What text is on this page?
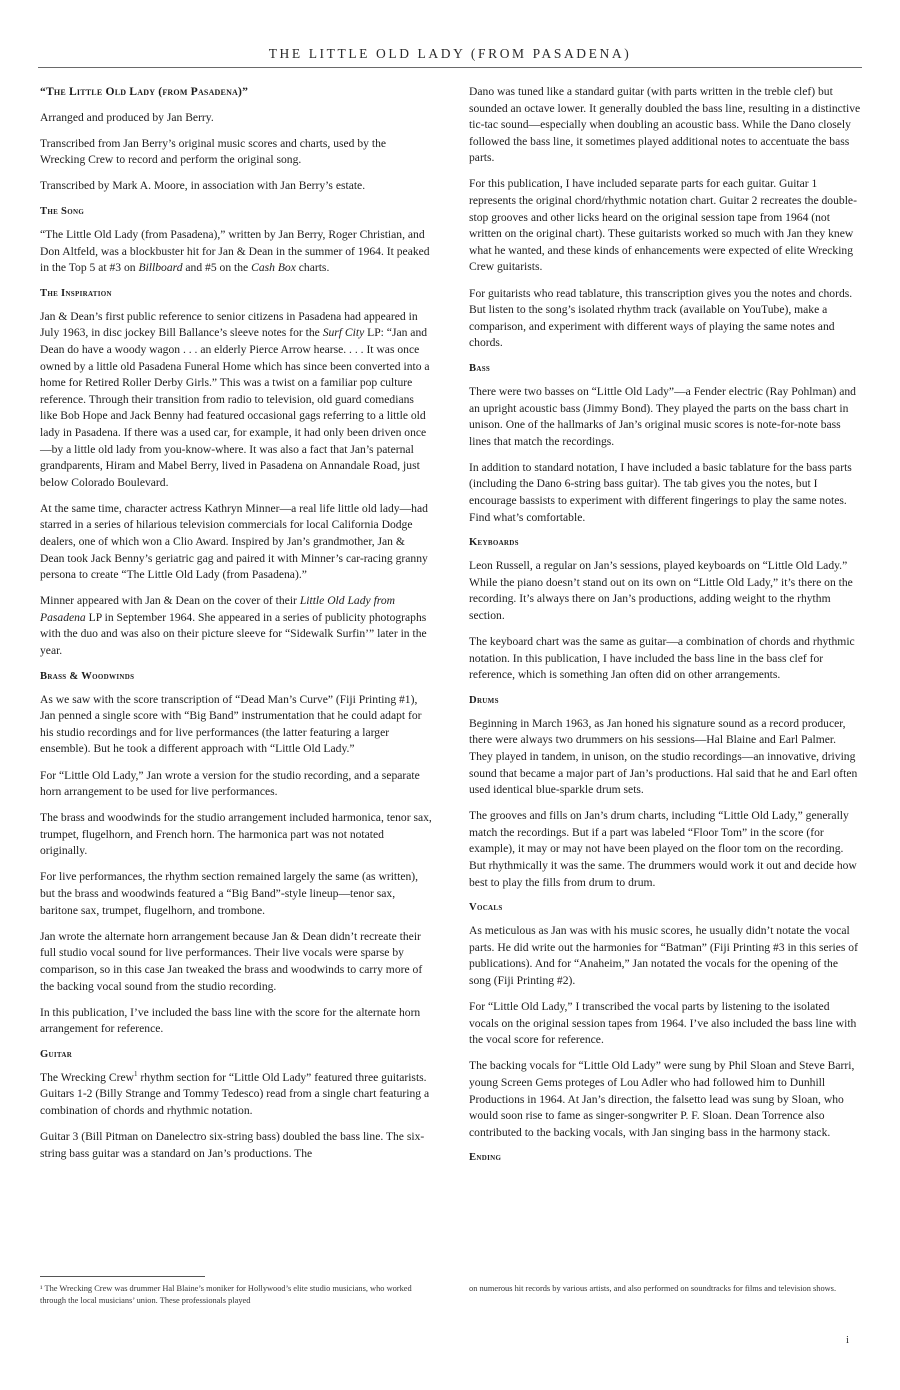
THE LITTLE OLD LADY (FROM PASADENA)

“The Little Old Lady (from Pasadena)”

Arranged and produced by Jan Berry.

Transcribed from Jan Berry’s original music scores and charts, used by the Wrecking Crew to record and perform the original song.

Transcribed by Mark A. Moore, in association with Jan Berry’s estate.

The Song

“The Little Old Lady (from Pasadena),” written by Jan Berry, Roger Christian, and Don Altfeld, was a blockbuster hit for Jan & Dean in the summer of 1964. It peaked in the Top 5 at #3 on Billboard and #5 on the Cash Box charts.

The Inspiration

Jan & Dean’s first public reference to senior citizens in Pasadena had appeared in July 1963, in disc jockey Bill Ballance’s sleeve notes for the Surf City LP: “Jan and Dean do have a woody wagon . . . an elderly Pierce Arrow hearse. . . . It was once owned by a little old Pasadena Funeral Home which has since been converted into a home for Retired Roller Derby Girls.” This was a twist on a familiar pop culture reference. Through their transition from radio to television, old guard comedians like Bob Hope and Jack Benny had featured occasional gags referring to a little old lady in Pasadena. If there was a used car, for example, it had only been driven once—by a little old lady from you-know-where. It was also a fact that Jan’s paternal grandparents, Hiram and Mabel Berry, lived in Pasadena on Annandale Road, just below Colorado Boulevard.

At the same time, character actress Kathryn Minner—a real life little old lady—had starred in a series of hilarious television commercials for local California Dodge dealers, one of which won a Clio Award. Inspired by Jan’s grandmother, Jan & Dean took Jack Benny’s geriatric gag and paired it with Minner’s car-racing granny persona to create “The Little Old Lady (from Pasadena).”

Minner appeared with Jan & Dean on the cover of their Little Old Lady from Pasadena LP in September 1964. She appeared in a series of publicity photographs with the duo and was also on their picture sleeve for “Sidewalk Surfin’” later in the year.

Brass & Woodwinds

As we saw with the score transcription of “Dead Man’s Curve” (Fiji Printing #1), Jan penned a single score with “Big Band” instrumentation that he could adapt for his studio recordings and for live performances (the latter featuring a larger ensemble). But he took a different approach with “Little Old Lady.”

For “Little Old Lady,” Jan wrote a version for the studio recording, and a separate horn arrangement to be used for live performances.

The brass and woodwinds for the studio arrangement included harmonica, tenor sax, trumpet, flugelhorn, and French horn. The harmonica part was not notated originally.

For live performances, the rhythm section remained largely the same (as written), but the brass and woodwinds featured a “Big Band”-style lineup—tenor sax, baritone sax, trumpet, flugelhorn, and trombone.

Jan wrote the alternate horn arrangement because Jan & Dean didn’t recreate their full studio vocal sound for live performances. Their live vocals were sparse by comparison, so in this case Jan tweaked the brass and woodwinds to carry more of the backing vocal sound from the studio recording.

In this publication, I’ve included the bass line with the score for the alternate horn arrangement for reference.

Guitar

The Wrecking Crew$^1$ rhythm section for “Little Old Lady” featured three guitarists. Guitars 1-2 (Billy Strange and Tommy Tedesco) read from a single chart featuring a combination of chords and rhythmic notation.

Guitar 3 (Bill Pitman on Danelectro six-string bass) doubled the bass line. The six-string bass guitar was a standard on Jan’s productions. The

Dano was tuned like a standard guitar (with parts written in the treble clef) but sounded an octave lower. It generally doubled the bass line, resulting in a distinctive tic-tac sound—especially when doubling an acoustic bass. While the Dano closely followed the bass line, it sometimes played additional notes to accentuate the bass parts.

For this publication, I have included separate parts for each guitar. Guitar 1 represents the original chord/rhythmic notation chart. Guitar 2 recreates the double-stop grooves and other licks heard on the original session tape from 1964 (not written on the original chart). These guitarists worked so much with Jan they knew what he wanted, and these kinds of enhancements were expected of elite Wrecking Crew guitarists.

For guitarists who read tablature, this transcription gives you the notes and chords. But listen to the song’s isolated rhythm track (available on YouTube), make a comparison, and experiment with different ways of playing the same notes and chords.

Bass

There were two basses on “Little Old Lady”—a Fender electric (Ray Pohlman) and an upright acoustic bass (Jimmy Bond). They played the parts on the bass chart in unison. One of the hallmarks of Jan’s original music scores is note-for-note bass lines that match the recordings.

In addition to standard notation, I have included a basic tablature for the bass parts (including the Dano 6-string bass guitar). The tab gives you the notes, but I encourage bassists to experiment with different fingerings to play the same notes. Find what’s comfortable.

Keyboards

Leon Russell, a regular on Jan’s sessions, played keyboards on “Little Old Lady.” While the piano doesn’t stand out on its own on “Little Old Lady,” it’s there on the recording. It’s always there on Jan’s productions, adding weight to the rhythm section.

The keyboard chart was the same as guitar—a combination of chords and rhythmic notation. In this publication, I have included the bass line in the bass clef for reference, which is something Jan often did on other arrangements.

Drums

Beginning in March 1963, as Jan honed his signature sound as a record producer, there were always two drummers on his sessions—Hal Blaine and Earl Palmer. They played in tandem, in unison, on the studio recordings—an innovative, driving sound that became a major part of Jan’s productions. Hal said that he and Earl often used identical blue-sparkle drum sets.

The grooves and fills on Jan’s drum charts, including “Little Old Lady,” generally match the recordings. But if a part was labeled “Floor Tom” in the score (for example), it may or may not have been played on the floor tom on the recording. But rhythmically it was the same. The drummers would work it out and decide how best to play the fills from drum to drum.

Vocals

As meticulous as Jan was with his music scores, he usually didn’t notate the vocal parts. He did write out the harmonies for “Batman” (Fiji Printing #3 in this series of publications). And for “Anaheim,” Jan notated the vocals for the opening of the song (Fiji Printing #2).

For “Little Old Lady,” I transcribed the vocal parts by listening to the isolated vocals on the original session tapes from 1964. I’ve also included the bass line with the vocal score for reference.

The backing vocals for “Little Old Lady” were sung by Phil Sloan and Steve Barri, young Screen Gems proteges of Lou Adler who had followed him to Dunhill Productions in 1964. At Jan’s direction, the falsetto lead was sung by Sloan, who would soon rise to fame as singer-songwriter P. F. Sloan. Dean Torrence also contributed to the backing vocals, with Jan singing bass in the harmony stack.

Ending
¹ The Wrecking Crew was drummer Hal Blaine’s moniker for Hollywood’s elite studio musicians, who worked through the local musicians’ union. These professionals played
on numerous hit records by various artists, and also performed on soundtracks for films and television shows.
i
